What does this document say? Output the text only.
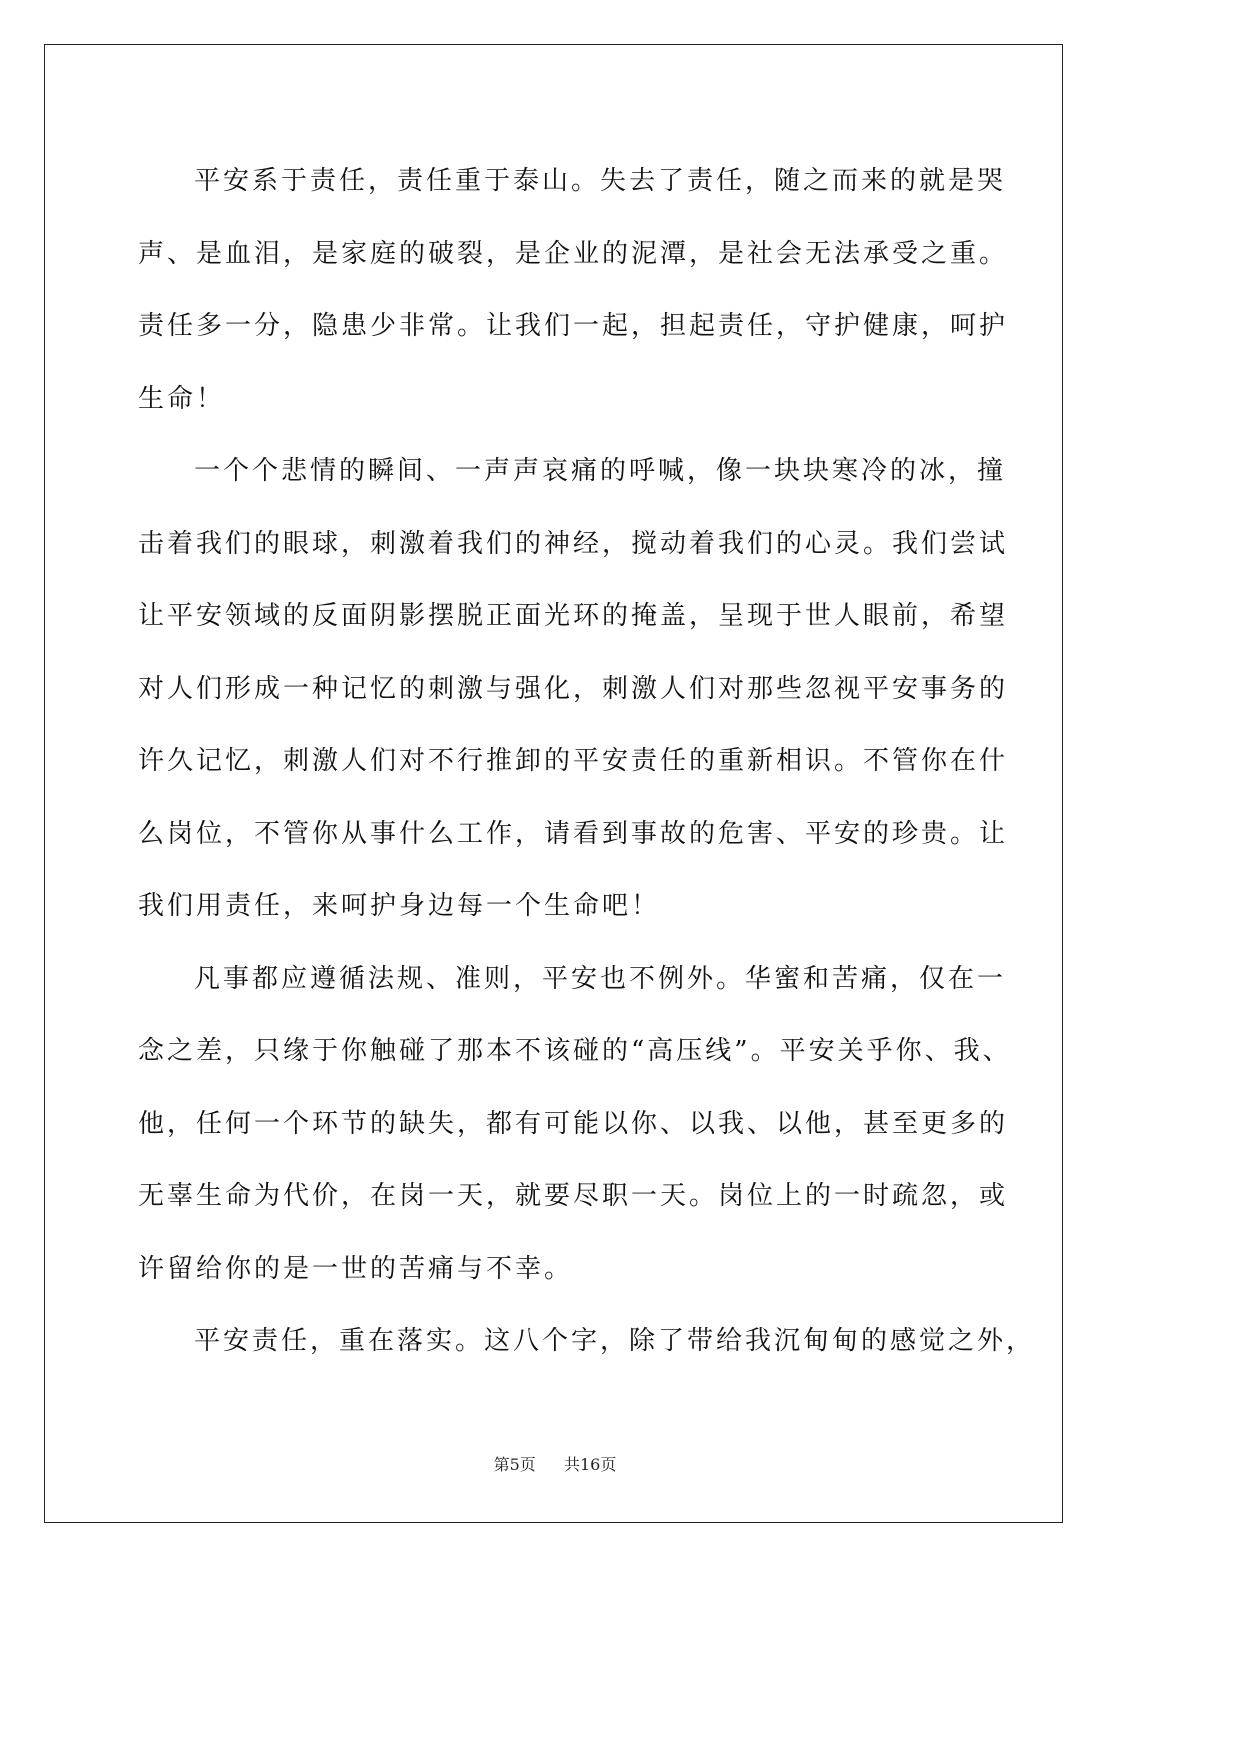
平安系于责任，责任重于泰山。失去了责任，随之而来的就是哭
声、是血泪，是家庭的破裂，是企业的泥潭，是社会无法承受之重。
责任多一分，隐患少非常。让我们一起，担起责任，守护健康，呵护
生命！
一个个悲情的瞬间、一声声哀痛的呼喊，像一块块寒冷的冰，撞
击着我们的眼球，刺激着我们的神经，搅动着我们的心灵。我们尝试
让平安领域的反面阴影摆脱正面光环的掩盖，呈现于世人眼前，希望
对人们形成一种记忆的刺激与强化，刺激人们对那些忽视平安事务的
许久记忆，刺激人们对不行推卸的平安责任的重新相识。不管你在什
么岗位，不管你从事什么工作，请看到事故的危害、平安的珍贵。让
我们用责任，来呵护身边每一个生命吧！
凡事都应遵循法规、准则，平安也不例外。华蜜和苦痛，仅在一
念之差，只缘于你触碰了那本不该碰的“高压线”。平安关乎你、我、
他，任何一个环节的缺失，都有可能以你、以我、以他，甚至更多的
无辜生命为代价，在岗一天，就要尽职一天。岗位上的一时疏忽，或
许留给你的是一世的苦痛与不幸。
平安责任，重在落实。这八个字，除了带给我沉甸甸的感觉之外，
第5页 共16页
